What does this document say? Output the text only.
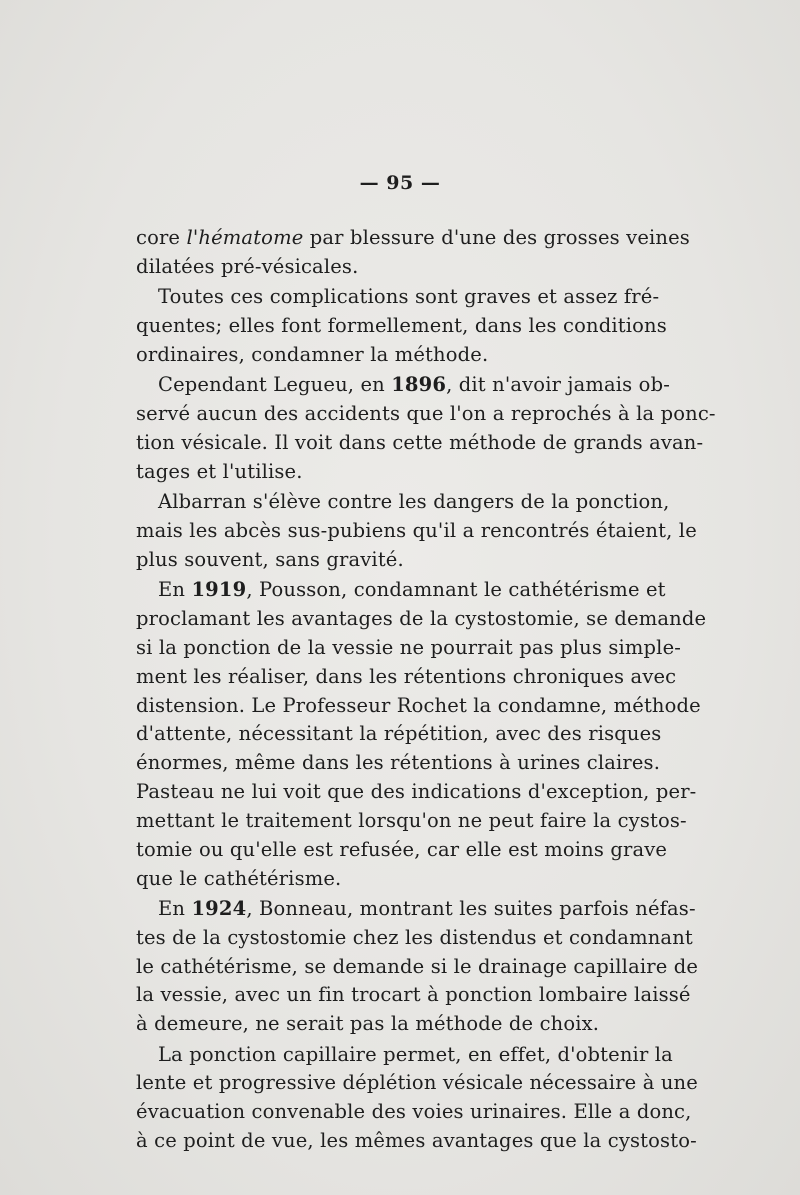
— 95 —
core l'hématome par blessure d'une des grosses veines
dilatées pré-vésicales.
Toutes ces complications sont graves et assez fré-
quentes; elles font formellement, dans les conditions
ordinaires, condamner la méthode.
Cependant Legueu, en 1896, dit n'avoir jamais ob-
servé aucun des accidents que l'on a reprochés à la ponc-
tion vésicale. Il voit dans cette méthode de grands avan-
tages et l'utilise.
Albarran s'élève contre les dangers de la ponction,
mais les abcès sus-pubiens qu'il a rencontrés étaient, le
plus souvent, sans gravité.
En 1919, Pousson, condamnant le cathétérisme et
proclamant les avantages de la cystostomie, se demande
si la ponction de la vessie ne pourrait pas plus simple-
ment les réaliser, dans les rétentions chroniques avec
distension. Le Professeur Rochet la condamne, méthode
d'attente, nécessitant la répétition, avec des risques
énormes, même dans les rétentions à urines claires.
Pasteau ne lui voit que des indications d'exception, per-
mettant le traitement lorsqu'on ne peut faire la cystos-
tomie ou qu'elle est refusée, car elle est moins grave
que le cathétérisme.
En 1924, Bonneau, montrant les suites parfois néfas-
tes de la cystostomie chez les distendus et condamnant
le cathétérisme, se demande si le drainage capillaire de
la vessie, avec un fin trocart à ponction lombaire laissé
à demeure, ne serait pas la méthode de choix.
La ponction capillaire permet, en effet, d'obtenir la
lente et progressive déplétion vésicale nécessaire à une
évacuation convenable des voies urinaires. Elle a donc,
à ce point de vue, les mêmes avantages que la cystosto-
